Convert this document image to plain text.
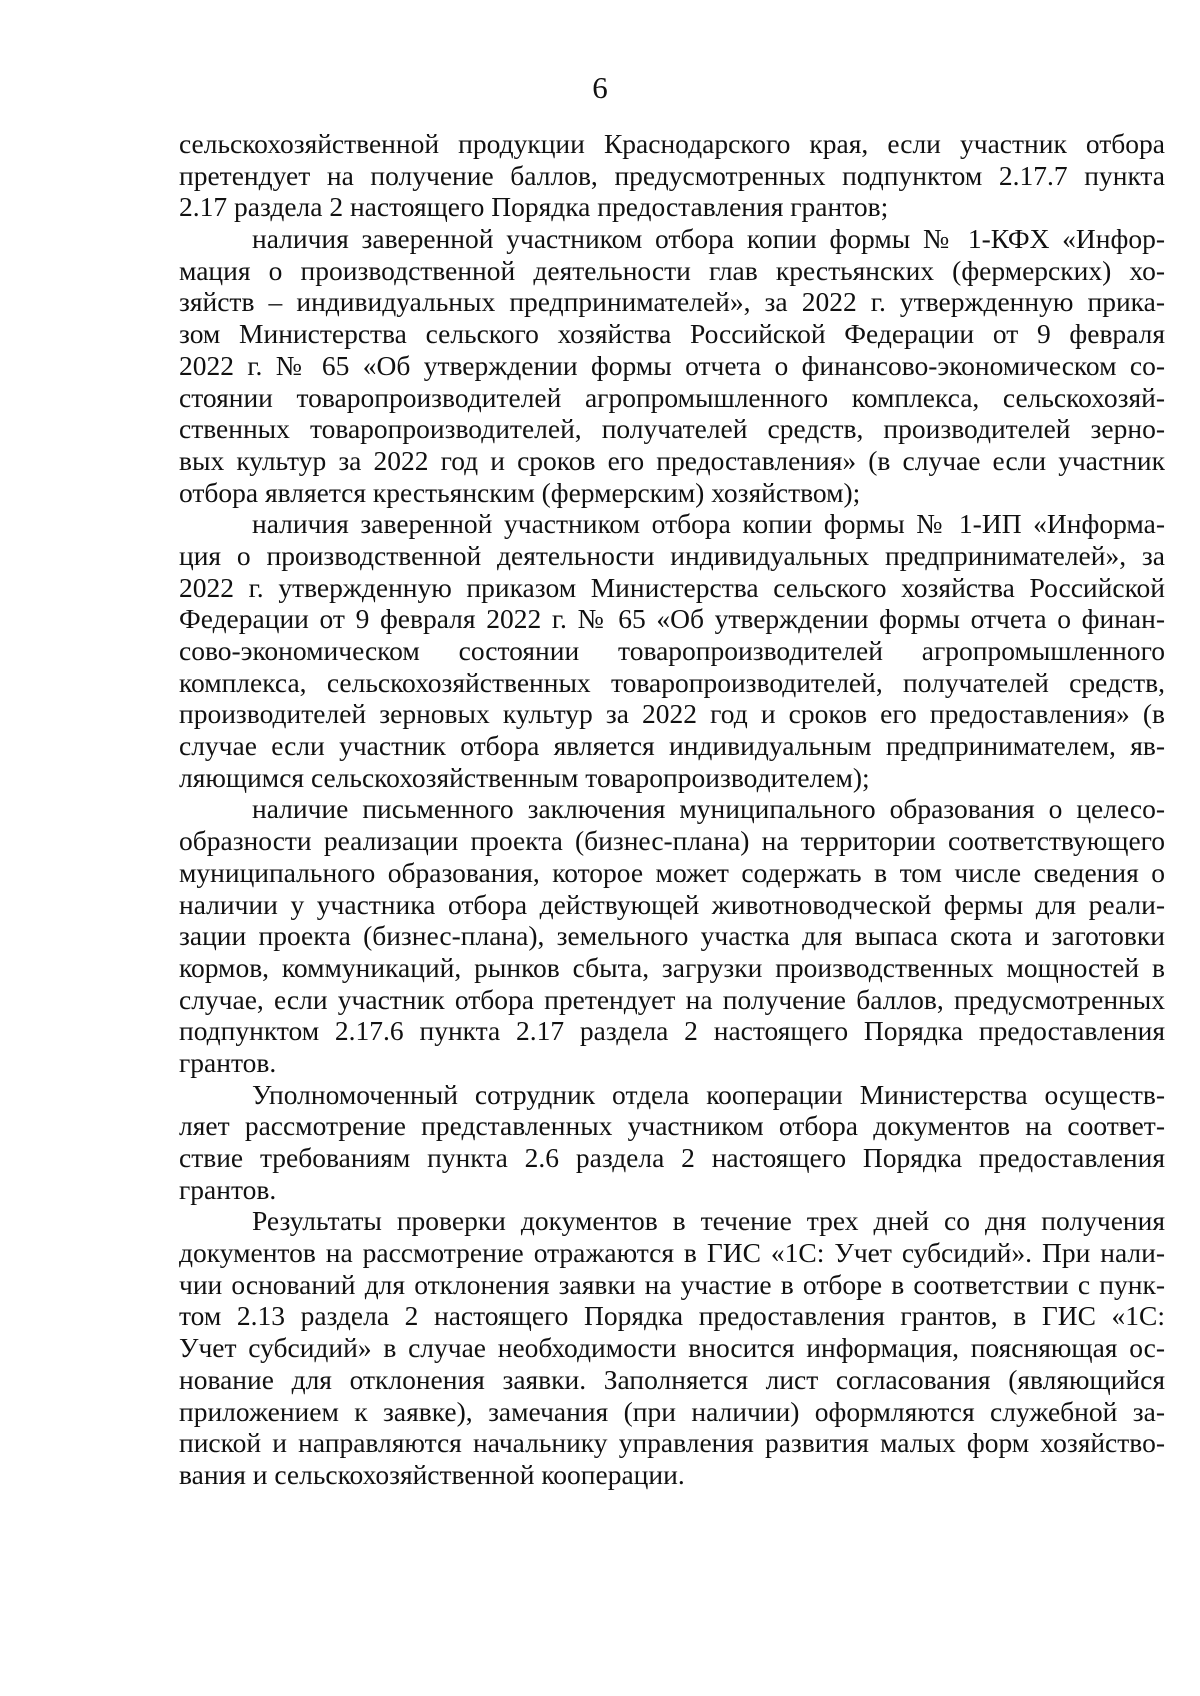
6
сельскохозяйственной продукции Краснодарского края, если участник отбора
претендует на получение баллов, предусмотренных подпунктом 2.17.7 пункта
2.17 раздела 2 настоящего Порядка предоставления грантов;
наличия заверенной участником отбора копии формы № 1-КФХ «Инфор-
мация о производственной деятельности глав крестьянских (фермерских) хо-
зяйств – индивидуальных предпринимателей», за 2022 г. утвержденную прика-
зом Министерства сельского хозяйства Российской Федерации от 9 февраля
2022 г. № 65 «Об утверждении формы отчета о финансово-экономическом со-
стоянии товаропроизводителей агропромышленного комплекса, сельскохозяй-
ственных товаропроизводителей, получателей средств, производителей зерно-
вых культур за 2022 год и сроков его предоставления» (в случае если участник
отбора является крестьянским (фермерским) хозяйством);
наличия заверенной участником отбора копии формы № 1-ИП «Информа-
ция о производственной деятельности индивидуальных предпринимателей», за
2022 г. утвержденную приказом Министерства сельского хозяйства Российской
Федерации от 9 февраля 2022 г. № 65 «Об утверждении формы отчета о финан-
сово-экономическом состоянии товаропроизводителей агропромышленного
комплекса, сельскохозяйственных товаропроизводителей, получателей средств,
производителей зерновых культур за 2022 год и сроков его предоставления» (в
случае если участник отбора является индивидуальным предпринимателем, яв-
ляющимся сельскохозяйственным товаропроизводителем);
наличие письменного заключения муниципального образования о целесо-
образности реализации проекта (бизнес-плана) на территории соответствующего
муниципального образования, которое может содержать в том числе сведения о
наличии у участника отбора действующей животноводческой фермы для реали-
зации проекта (бизнес-плана), земельного участка для выпаса скота и заготовки
кормов, коммуникаций, рынков сбыта, загрузки производственных мощностей в
случае, если участник отбора претендует на получение баллов, предусмотренных
подпунктом 2.17.6 пункта 2.17 раздела 2 настоящего Порядка предоставления
грантов.
Уполномоченный сотрудник отдела кооперации Министерства осуществ-
ляет рассмотрение представленных участником отбора документов на соответ-
ствие требованиям пункта 2.6 раздела 2 настоящего Порядка предоставления
грантов.
Результаты проверки документов в течение трех дней со дня получения
документов на рассмотрение отражаются в ГИС «1С: Учет субсидий». При нали-
чии оснований для отклонения заявки на участие в отборе в соответствии с пунк-
том 2.13 раздела 2 настоящего Порядка предоставления грантов, в ГИС «1С:
Учет субсидий» в случае необходимости вносится информация, поясняющая ос-
нование для отклонения заявки. Заполняется лист согласования (являющийся
приложением к заявке), замечания (при наличии) оформляются служебной за-
пиской и направляются начальнику управления развития малых форм хозяйство-
вания и сельскохозяйственной кооперации.
